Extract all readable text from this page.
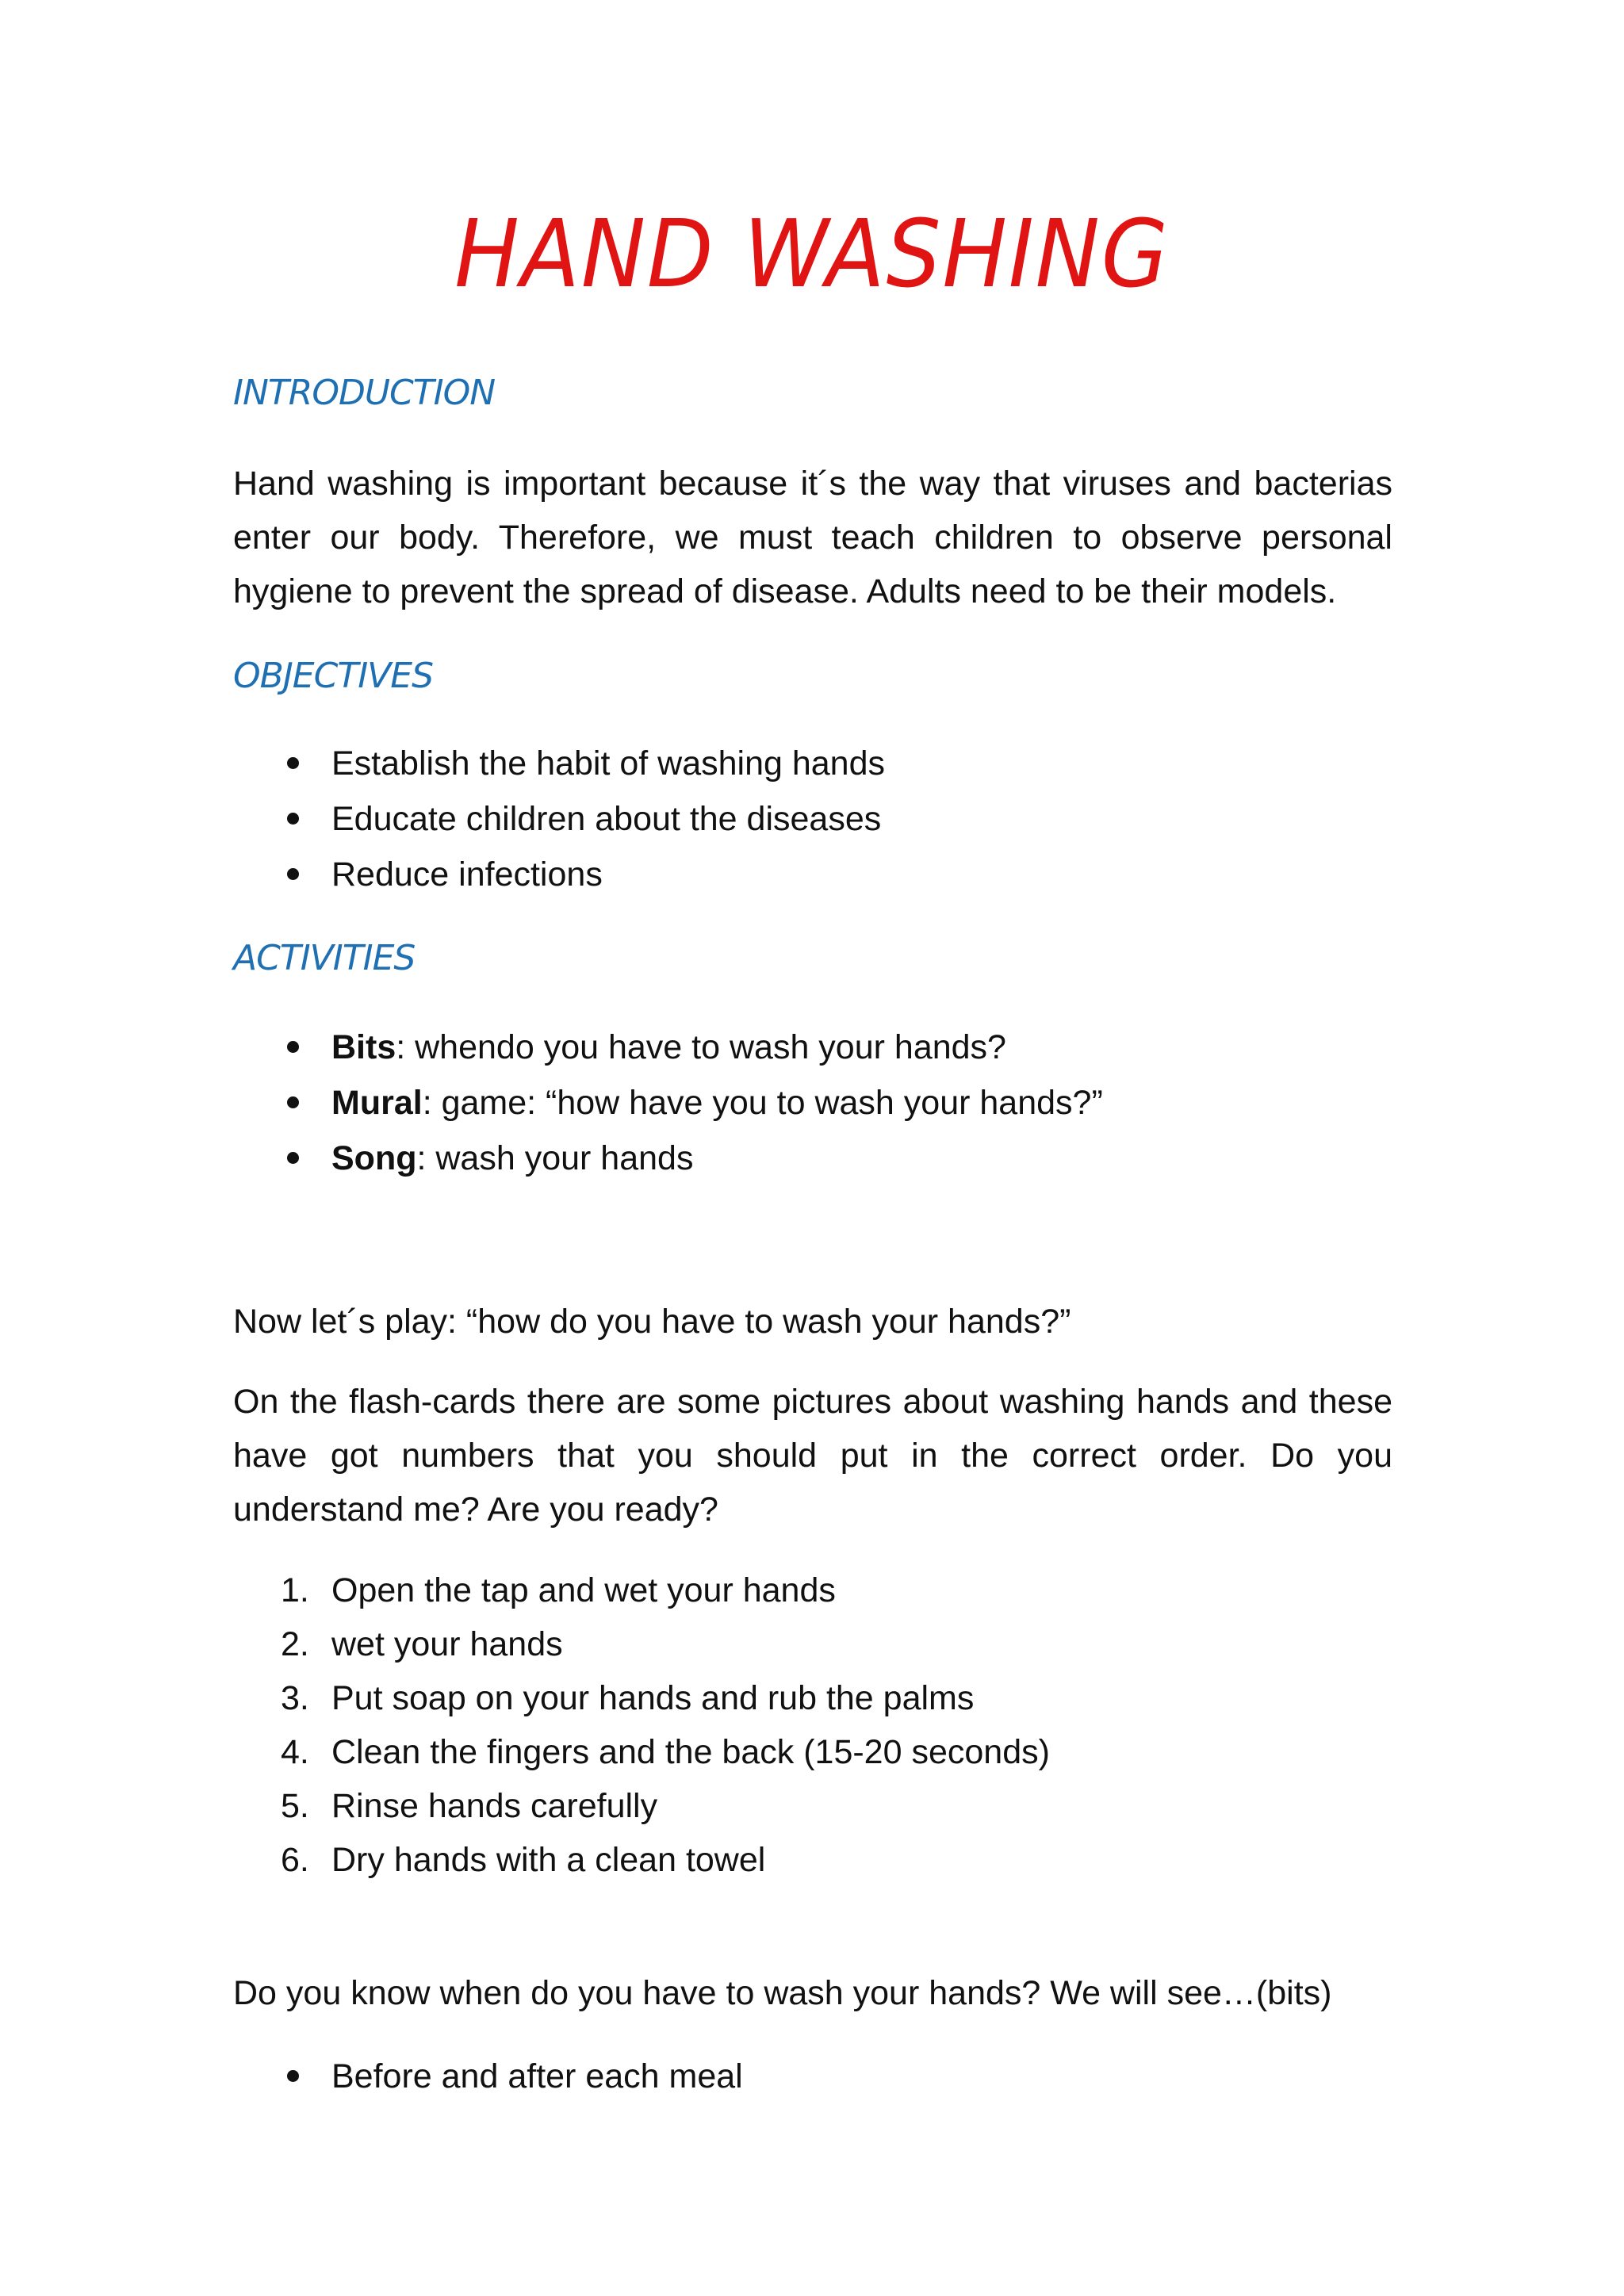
HAND WASHING
INTRODUCTION
Hand washing is important because it´s the way that viruses and bacterias enter our body. Therefore, we must teach children to observe personal hygiene to prevent the spread of disease. Adults need to be their models.
OBJECTIVES
Establish the habit of washing hands
Educate children about the diseases
Reduce infections
ACTIVITIES
Bits: whendo you have to wash your hands?
Mural: game: “how have you to wash your hands?”
Song: wash your hands
Now let´s play: “how do you have to wash your hands?”
On the flash-cards there are some pictures about washing hands and these have got numbers that you should put in the correct order. Do you understand me? Are you ready?
1. Open the tap and wet your hands
2. wet your hands
3. Put soap on your hands and rub the palms
4. Clean the fingers and the back (15-20 seconds)
5. Rinse hands carefully
6. Dry hands with a clean towel
Do you know when do you have to wash your hands? We will see…(bits)
Before and after each meal
